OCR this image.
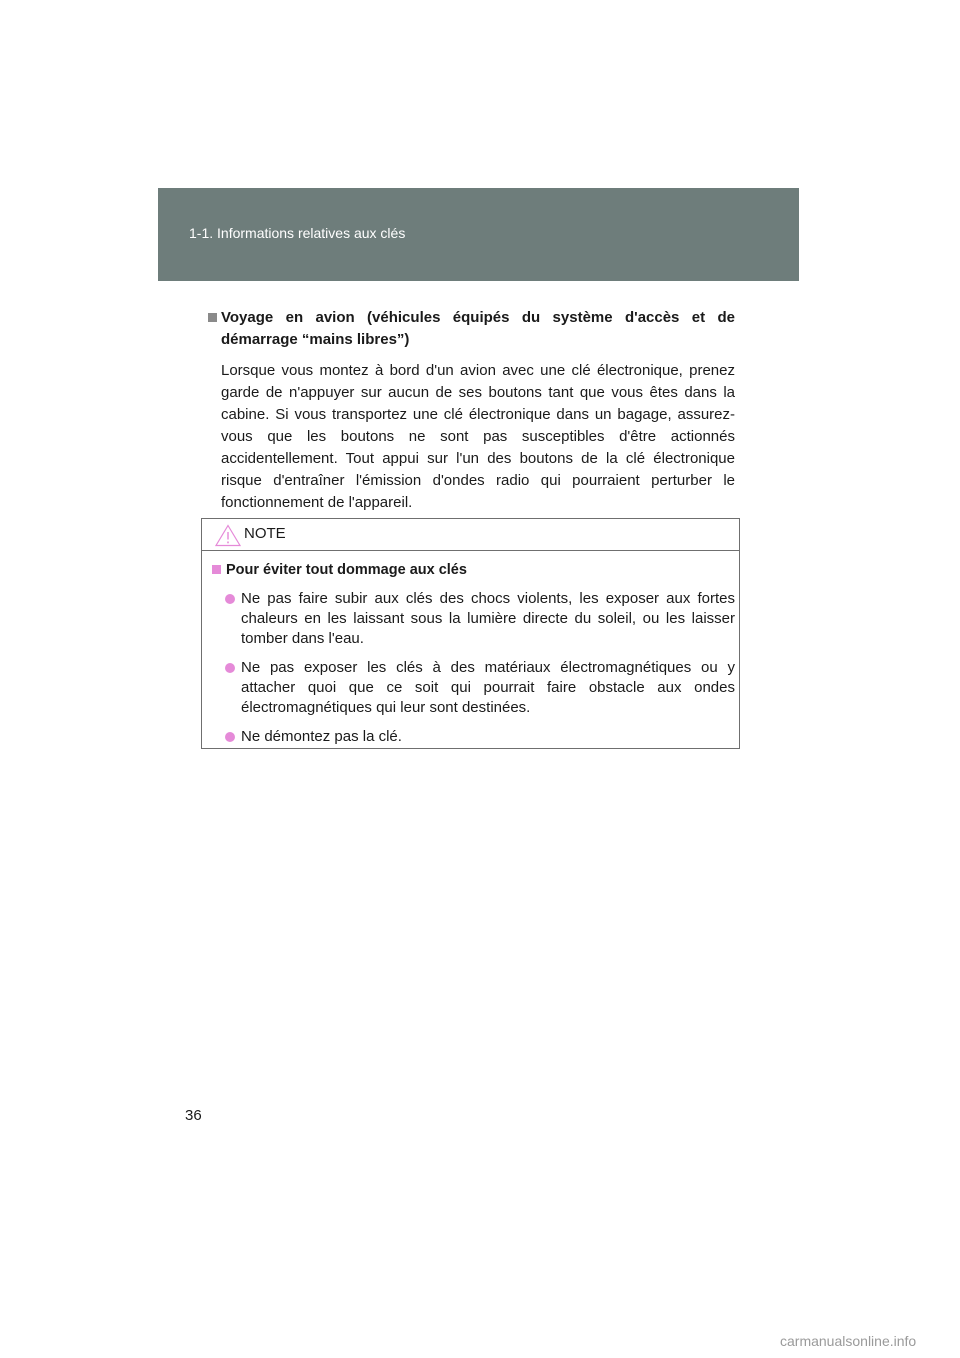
1-1. Informations relatives aux clés
Voyage en avion (véhicules équipés du système d'accès et de démarrage “mains libres”)
Lorsque vous montez à bord d'un avion avec une clé électronique, prenez garde de n'appuyer sur aucun de ses boutons tant que vous êtes dans la cabine. Si vous transportez une clé électronique dans un bagage, assurez-vous que les boutons ne sont pas susceptibles d'être actionnés accidentellement. Tout appui sur l'un des boutons de la clé électronique risque d'entraîner l'émission d'ondes radio qui pourraient perturber le fonctionnement de l'appareil.
NOTE
Pour éviter tout dommage aux clés
Ne pas faire subir aux clés des chocs violents, les exposer aux fortes chaleurs en les laissant sous la lumière directe du soleil, ou les laisser tomber dans l'eau.
Ne pas exposer les clés à des matériaux électromagnétiques ou y attacher quoi que ce soit qui pourrait faire obstacle aux ondes électromagnétiques qui leur sont destinées.
Ne démontez pas la clé.
36
carmanualsonline.info
